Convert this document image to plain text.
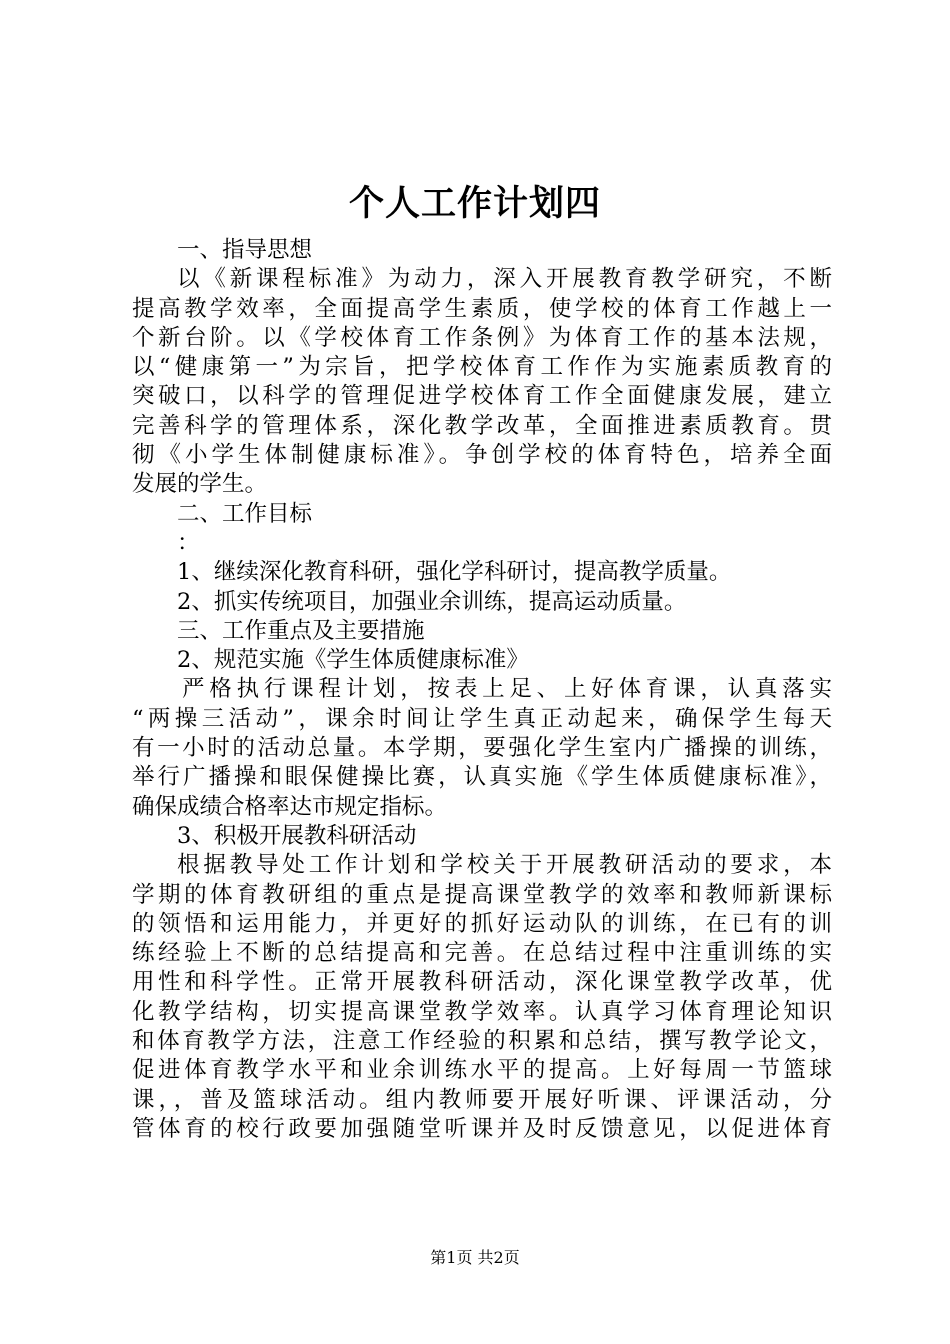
个人工作计划四
一、指导思想
以《新课程标准》为动力，深入开展教育教学研究，不断
提高教学效率，全面提高学生素质，使学校的体育工作越上一
个新台阶。以《学校体育工作条例》为体育工作的基本法规，
以“健康第一”为宗旨，把学校体育工作作为实施素质教育的
突破口，以科学的管理促进学校体育工作全面健康发展，建立
完善科学的管理体系，深化教学改革，全面推进素质教育。贯
彻《小学生体制健康标准》。争创学校的体育特色，培养全面
发展的学生。
二、工作目标
：
1、继续深化教育科研，强化学科研讨，提高教学质量。
2、抓实传统项目，加强业余训练，提高运动质量。
三、工作重点及主要措施
2、规范实施《学生体质健康标准》
严格执行课程计划，按表上足、上好体育课，认真落实
“两操三活动”，课余时间让学生真正动起来，确保学生每天
有一小时的活动总量。本学期，要强化学生室内广播操的训练，
举行广播操和眼保健操比赛，认真实施《学生体质健康标准》，
确保成绩合格率达市规定指标。
3、积极开展教科研活动
根据教导处工作计划和学校关于开展教研活动的要求，本
学期的体育教研组的重点是提高课堂教学的效率和教师新课标
的领悟和运用能力，并更好的抓好运动队的训练，在已有的训
练经验上不断的总结提高和完善。在总结过程中注重训练的实
用性和科学性。正常开展教科研活动，深化课堂教学改革，优
化教学结构，切实提高课堂教学效率。认真学习体育理论知识
和体育教学方法，注意工作经验的积累和总结，撰写教学论文，
促进体育教学水平和业余训练水平的提高。上好每周一节篮球
课，，普及篮球活动。组内教师要开展好听课、评课活动，分
管体育的校行政要加强随堂听课并及时反馈意见，以促进体育
第1页 共2页
